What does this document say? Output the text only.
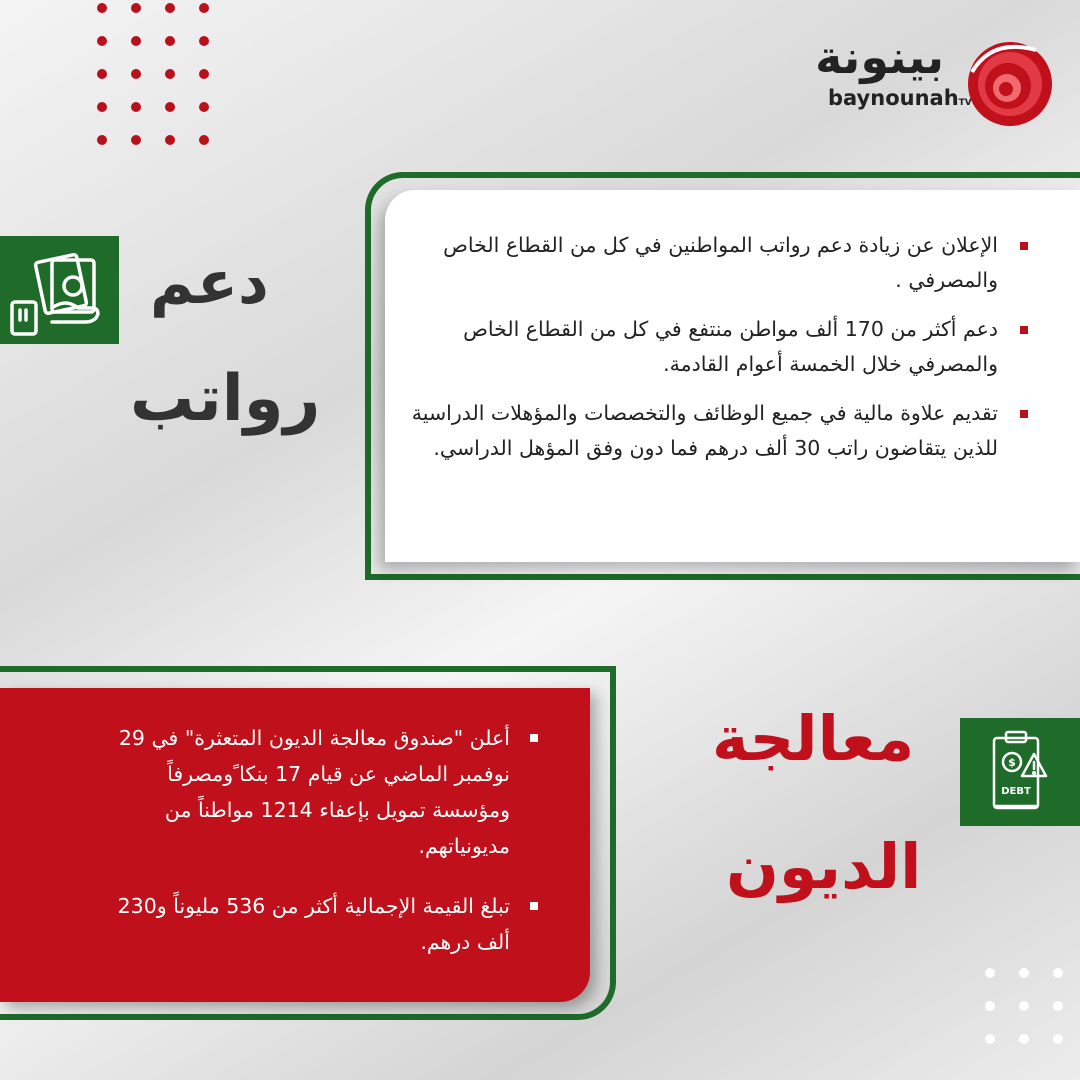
بينونة
baynounahTV
دعم
رواتب
الإعلان عن زيادة دعم رواتب المواطنين في كل من القطاع الخاص والمصرفي .
دعم أكثر من 170 ألف مواطن منتفع في كل من القطاع الخاص والمصرفي خلال الخمسة أعوام القادمة.
تقديم علاوة مالية في جميع الوظائف والتخصصات والمؤهلات الدراسية للذين يتقاضون راتب 30 ألف درهم فما دون وفق المؤهل الدراسي.
أعلن "صندوق معالجة الديون المتعثرة" في 29 نوفمبر الماضي عن قيام 17 بنكا ًومصرفاً ومؤسسة تمويل بإعفاء 1214 مواطناً من مديونياتهم.
تبلغ القيمة الإجمالية أكثر من 536 مليوناً و230 ألف درهم.
معالجة
الديون
DEBT
$
